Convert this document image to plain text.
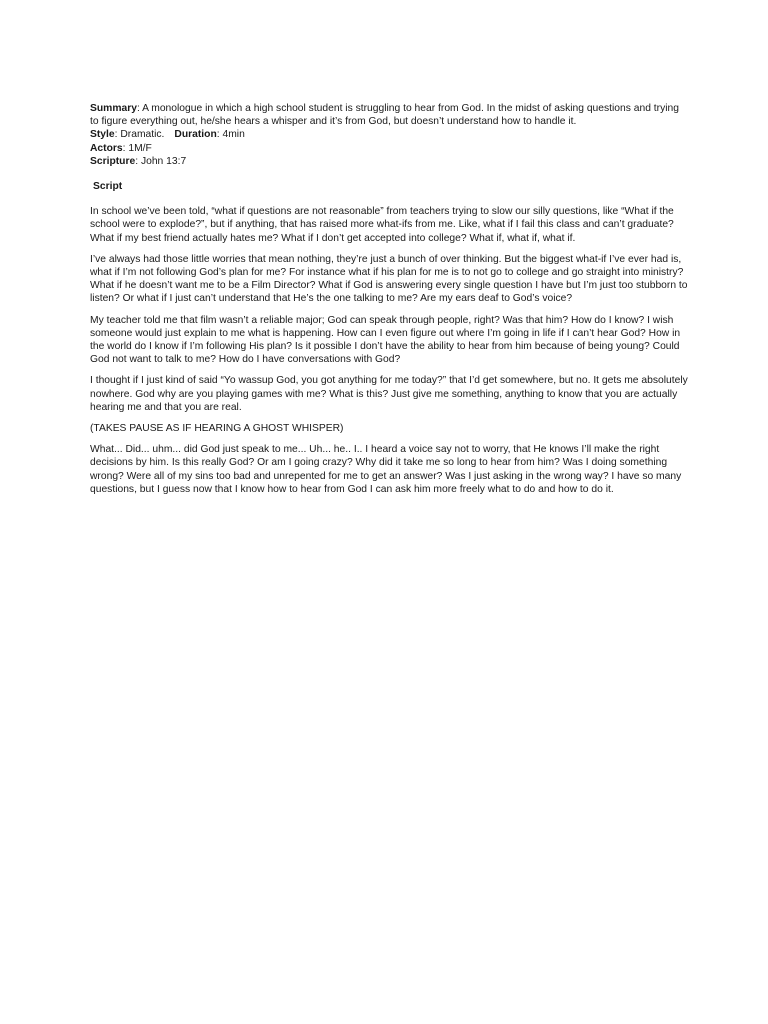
Summary: A monologue in which a high school student is struggling to hear from God. In the midst of asking questions and trying to figure everything out, he/she hears a whisper and it’s from God, but doesn’t understand how to handle it.

Style: Dramatic. Duration: 4min

Actors: 1M/F

Scripture: John 13:7

Script

In school we’ve been told, “what if questions are not reasonable” from teachers trying to slow our silly questions, like “What if the school were to explode?”, but if anything, that has raised more what-ifs from me. Like, what if I fail this class and can’t graduate? What if my best friend actually hates me? What if I don’t get accepted into college? What if, what if, what if.

I’ve always had those little worries that mean nothing, they’re just a bunch of over thinking. But the biggest what-if I’ve ever had is, what if I’m not following God’s plan for me? For instance what if his plan for me is to not go to college and go straight into ministry? What if he doesn’t want me to be a Film Director? What if God is answering every single question I have but I’m just too stubborn to listen? Or what if I just can’t understand that He’s the one talking to me? Are my ears deaf to God’s voice?

My teacher told me that film wasn’t a reliable major; God can speak through people, right? Was that him? How do I know? I wish someone would just explain to me what is happening. How can I even figure out where I’m going in life if I can’t hear God? How in the world do I know if I’m following His plan? Is it possible I don’t have the ability to hear from him because of being young? Could God not want to talk to me? How do I have conversations with God?

I thought if I just kind of said “Yo wassup God, you got anything for me today?” that I’d get somewhere, but no. It gets me absolutely nowhere. God why are you playing games with me? What is this? Just give me something, anything to know that you are actually hearing me and that you are real.

(TAKES PAUSE AS IF HEARING A GHOST WHISPER)

What... Did... uhm... did God just speak to me... Uh... he.. I.. I heard a voice say not to worry, that He knows I’ll make the right decisions by him. Is this really God? Or am I going crazy? Why did it take me so long to hear from him? Was I doing something wrong? Were all of my sins too bad and unrepented for me to get an answer? Was I just asking in the wrong way? I have so many questions, but I guess now that I know how to hear from God I can ask him more freely what to do and how to do it.
